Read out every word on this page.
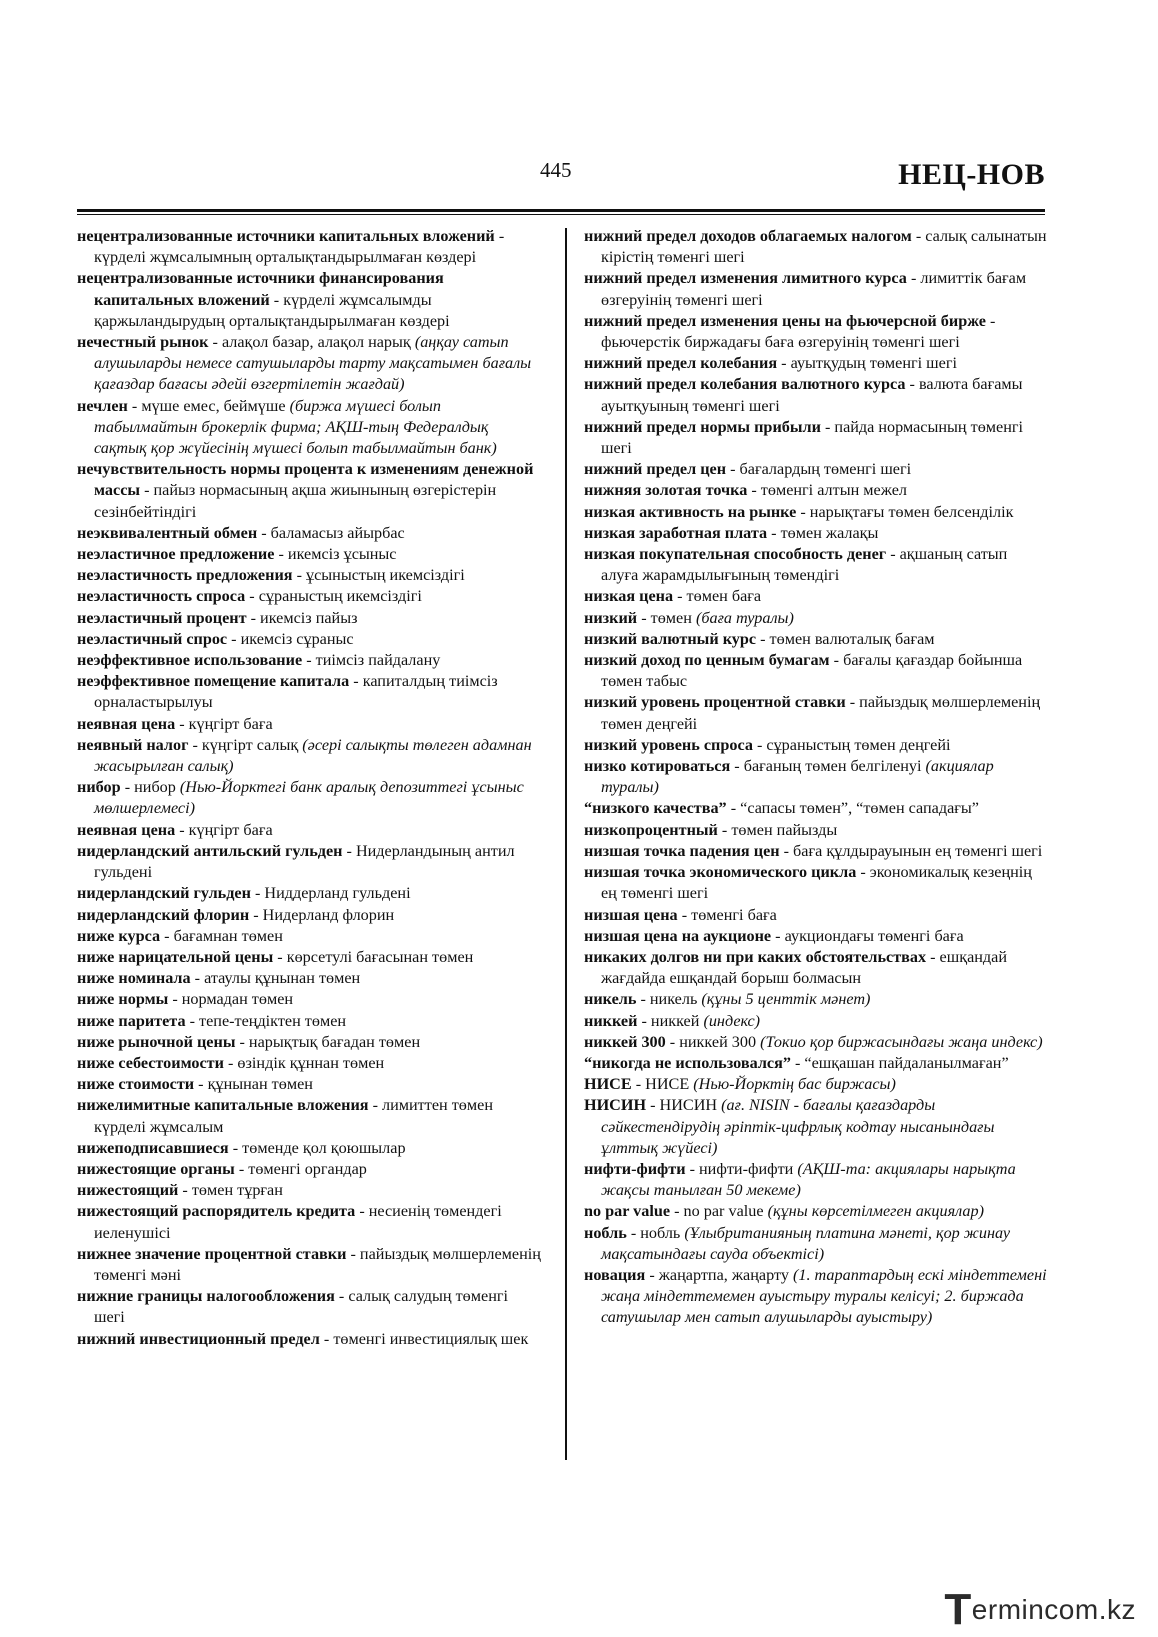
445	НЕЦ-НОВ
нецентрализованные источники капитальных вложений - күрделі жұмсалымның орталықтандырылмаған көздері
нецентрализованные источники финансирования капитальных вложений - күрделі жұмсалымды қаржыландырудың орталықтандырылмаған көздері
нечестный рынок - алақол базар, алақол нарық (аңқау сатып алушыларды немесе сатушыларды тарту мақсатымен бағалы қағаздар бағасы әдейі өзгертілетін жағдай)
нечлен - мүше емес, беймүше (биржа мүшесі болып табылмайтын брокерлік фирма; АҚШ-тың Федералдық сақтық қор жүйесінің мүшесі болып табылмайтын банк)
нечувствительность нормы процента к изменениям денежной массы - пайыз нормасының ақша жиынының өзгерістерін сезінбейтіндігі
неэквивалентный обмен - баламасыз айырбас
неэластичное предложение - икемсіз ұсыныс
неэластичность предложения - ұсыныстың икемсіздігі
неэластичность спроса - сұраныстың икемсіздігі
неэластичный процент - икемсіз пайыз
неэластичный спрос - икемсіз сұраныс
неэффективное использование - тиімсіз пайдалану
неэффективное помещение капитала - капиталдың тиімсіз орналастырылуы
неявная цена - күңгірт баға
неявный налог - күңгірт салық (әсері салықты төлеген адамнан жасырылған салық)
нибор - нибор (Нью-Йорктегі банк аралық депозиттегі ұсыныс мөлшерлемесі)
неявная цена - күңгірт баға
нидерландский антильский гульден - Нидерландының антил гульдені
нидерландский гульден - Ниддерланд гульдені
нидерландский флорин - Нидерланд флорин
ниже курса - бағамнан төмен
ниже нарицательной цены - көрсетулі бағасынан төмен
ниже номинала - атаулы құнынан төмен
ниже нормы - нормадан төмен
ниже паритета - тепе-теңдіктен төмен
ниже рыночной цены - нарықтық бағадан төмен
ниже себестоимости - өзіндік құннан төмен
ниже стоимости - құнынан төмен
нижелимитные капитальные вложения - лимиттен төмен күрделі жұмсалым
нижеподписавшиеся - төменде қол қоюшылар
нижестоящие органы - төменгі органдар
нижестоящий - төмен тұрған
нижестоящий распорядитель кредита - несиенің төмендегі иеленушісі
нижнее значение процентной ставки - пайыздық мөлшерлеменің төменгі мәні
нижние границы налогообложения - салық салудың төменгі шегі
нижний инвестиционный предел - төменгі инвестициялық шек
нижний предел доходов облагаемых налогом - салық салынатын кірістің төменгі шегі
нижний предел изменения лимитного курса - лимиттік бағам өзгеруінің төменгі шегі
нижний предел изменения цены на фьючерсной бирже - фьючерстік биржадағы баға өзгеруінің төменгі шегі
нижний предел колебания - ауытқудың төменгі шегі
нижний предел колебания валютного курса - валюта бағамы ауытқуының төменгі шегі
нижний предел нормы прибыли - пайда нормасының төменгі шегі
нижний предел цен - бағалардың төменгі шегі
нижняя золотая точка - төменгі алтын межел
низкая активность на рынке - нарықтағы төмен белсенділік
низкая заработная плата - төмен жалақы
низкая покупательная способность денег - ақшаның сатып алуға жарамдылығының төмендігі
низкая цена - төмен баға
низкий - төмен (баға туралы)
низкий валютный курс - төмен валюталық бағам
низкий доход по ценным бумагам - бағалы қағаздар бойынша төмен табыс
низкий уровень процентной ставки - пайыздық мөлшерлеменің төмен деңгейі
низкий уровень спроса - сұраныстың төмен деңгейі
низко котироваться - бағаның төмен белгіленуі (акциялар туралы)
“низкого качества” - “сапасы төмен”, “төмен сападағы”
низкопроцентный - төмен пайызды
низшая точка падения цен - баға құлдырауынын ең төменгі шегі
низшая точка экономического цикла - экономикалық кезеңнің ең төменгі шегі
низшая цена - төменгі баға
низшая цена на аукционе - аукциондағы төменгі баға
никаких долгов ни при каких обстоятельствах - ешқандай жағдайда ешқандай борыш болмасын
никель - никель (құны 5 центтік мәнет)
никкей - никкей (индекс)
никкей 300 - никкей 300 (Токио қор биржасындағы жаңа индекс)
“никогда не использовался” - “ешқашан пайдаланылмаған”
НИСЕ - НИСЕ (Нью-Йорктің бас биржасы)
НИСИН - НИСИН (ағ. NISIN - бағалы қағаздарды сәйкестендірудің әріптік-цифрлық кодтау нысанындағы ұлттық жүйесі)
нифти-фифти - нифти-фифти (АҚШ-та: акциялары нарықта жақсы танылған 50 мекеме)
no par value - no par value (құны көрсетілмеген акциялар)
нобль - нобль (Ұлыбританияның платина мәнеті, қор жинау мақсатындағы сауда объектісі)
новация - жаңартпа, жаңарту (1. тараптардың ескі міндеттемені жаңа міндеттемемен ауыстыру туралы келісуі; 2. биржада сатушылар мен сатып алушыларды ауыстыру)
Termincom.kz
